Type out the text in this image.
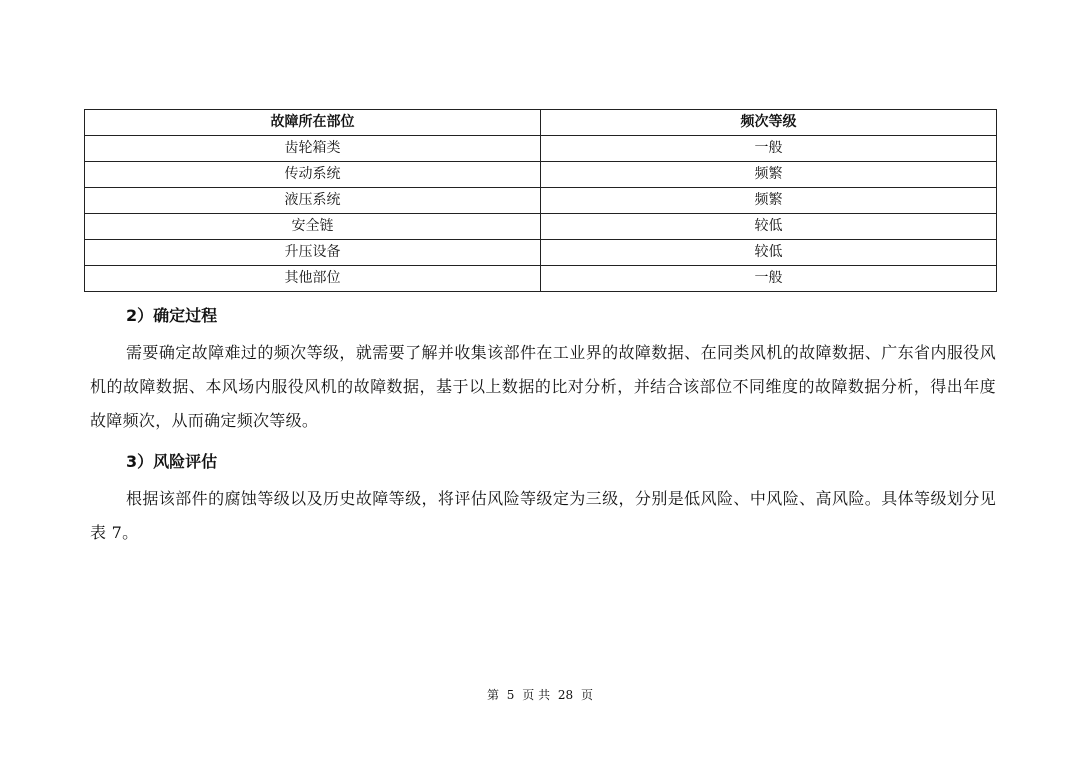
故障所在部位	频次等级
齿轮箱类	一般
传动系统	频繁
液压系统	频繁
安全链	较低
升压设备	较低
其他部位	一般
2）确定过程
需要确定故障难过的频次等级，就需要了解并收集该部件在工业界的故障数据、在同类风机的故障数据、广东省内服役风机的故障数据、本风场内服役风机的故障数据，基于以上数据的比对分析，并结合该部位不同维度的故障数据分析，得出年度故障频次，从而确定频次等级。
3）风险评估
根据该部件的腐蚀等级以及历史故障等级，将评估风险等级定为三级，分别是低风险、中风险、高风险。具体等级划分见表 7。
第 5 页 共 28 页
